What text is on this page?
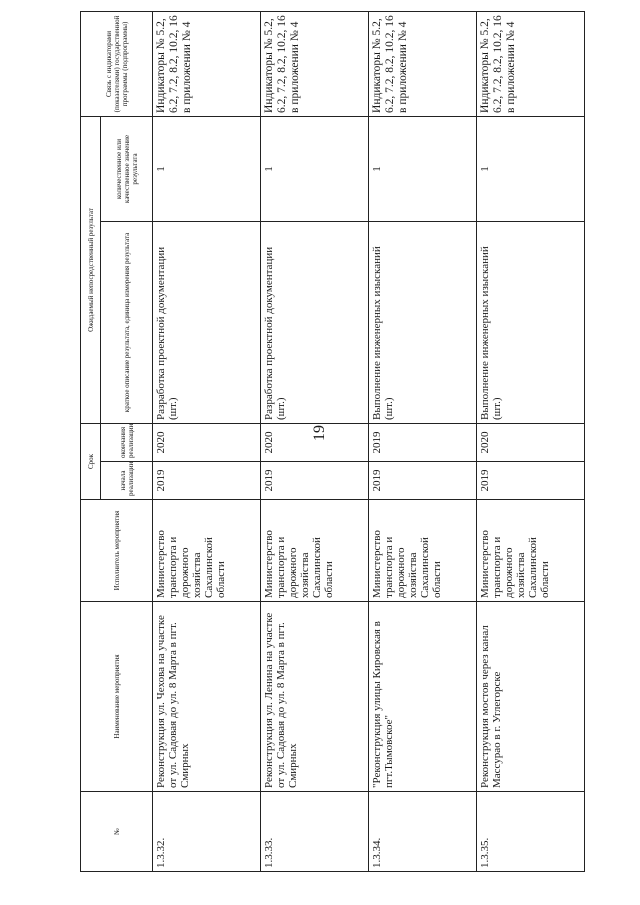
19
№	Наименование мероприятия	Исполнитель мероприятия	Срок		Ожидаемый непосредственный результат		Связь с индикаторами (показателями) государственной программы (подпрограммы)
			начала реализации	окончания реализации	краткое описание результата, единица измерения результата	количественное или качественное значение результата	
1.3.32.	Реконструкция ул. Чехова на участке от ул. Садовая до ул. 8 Марта в пгт. Смирных	Министерство транспорта и дорожного хозяйства Сахалинской области	2019	2020	Разработка проектной документации (шт.)	1	Индикаторы № 5.2, 6.2, 7.2, 8.2, 10.2, 16 в приложении № 4
1.3.33.	Реконструкция ул. Ленина на участке от ул. Садовая до ул. 8 Марта в пгт. Смирных	Министерство транспорта и дорожного хозяйства Сахалинской области	2019	2020	Разработка проектной документации (шт.)	1	Индикаторы № 5.2, 6.2, 7.2, 8.2, 10.2, 16 в приложении № 4
1.3.34.	"Реконструкция улицы Кировская в пгт.Тымовское"	Министерство транспорта и дорожного хозяйства Сахалинской области	2019	2019	Выполнение инженерных изысканий (шт.)	1	Индикаторы № 5.2, 6.2, 7.2, 8.2, 10.2, 16 в приложении № 4
1.3.35.	Реконструкция мостов через канал Массурао в г. Углегорске	Министерство транспорта и дорожного хозяйства Сахалинской области	2019	2020	Выполнение инженерных изысканий (шт.)	1	Индикаторы № 5.2, 6.2, 7.2, 8.2, 10.2, 16 в приложении № 4
